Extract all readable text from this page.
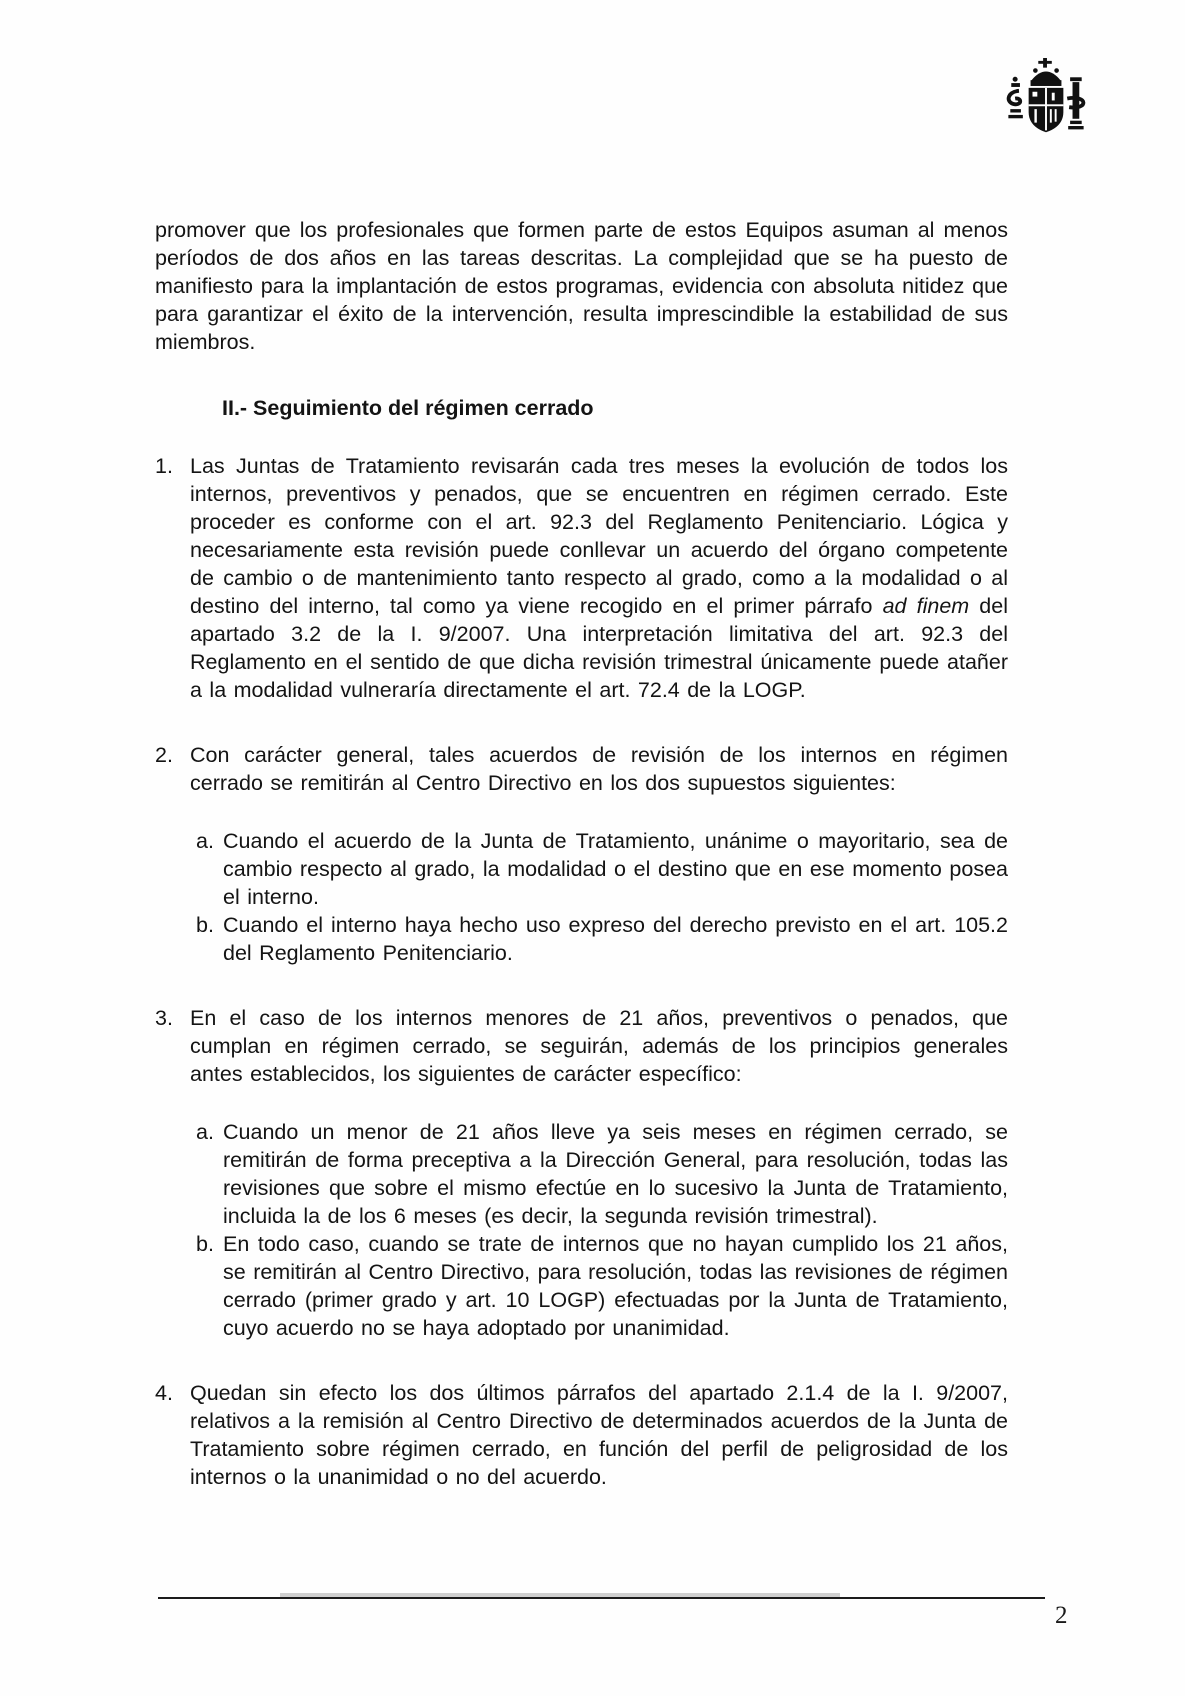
promover que los profesionales que formen parte de estos Equipos asuman al menos períodos de dos años en las tareas descritas. La complejidad que se ha puesto de manifiesto para la implantación de estos programas, evidencia con absoluta nitidez que para garantizar el éxito de la intervención, resulta imprescindible la estabilidad de sus miembros.

II.- Seguimiento del régimen cerrado
1. Las Juntas de Tratamiento revisarán cada tres meses la evolución de todos los internos, preventivos y penados, que se encuentren en régimen cerrado. Este proceder es conforme con el art. 92.3 del Reglamento Penitenciario. Lógica y necesariamente esta revisión puede conllevar un acuerdo del órgano competente de cambio o de mantenimiento tanto respecto al grado, como a la modalidad o al destino del interno, tal como ya viene recogido en el primer párrafo ad finem del apartado 3.2 de la I. 9/2007. Una interpretación limitativa del art. 92.3 del Reglamento en el sentido de que dicha revisión trimestral únicamente puede atañer a la modalidad vulneraría directamente el art. 72.4 de la LOGP.

2. Con carácter general, tales acuerdos de revisión de los internos en régimen cerrado se remitirán al Centro Directivo en los dos supuestos siguientes:

a. Cuando el acuerdo de la Junta de Tratamiento, unánime o mayoritario, sea de cambio respecto al grado, la modalidad o el destino que en ese momento posea el interno.

b. Cuando el interno haya hecho uso expreso del derecho previsto en el art. 105.2 del Reglamento Penitenciario.

3. En el caso de los internos menores de 21 años, preventivos o penados, que cumplan en régimen cerrado, se seguirán, además de los principios generales antes establecidos, los siguientes de carácter específico:

a. Cuando un menor de 21 años lleve ya seis meses en régimen cerrado, se remitirán de forma preceptiva a la Dirección General, para resolución, todas las revisiones que sobre el mismo efectúe en lo sucesivo la Junta de Tratamiento, incluida la de los 6 meses (es decir, la segunda revisión trimestral).

b. En todo caso, cuando se trate de internos que no hayan cumplido los 21 años, se remitirán al Centro Directivo, para resolución, todas las revisiones de régimen cerrado (primer grado y art. 10 LOGP) efectuadas por la Junta de Tratamiento, cuyo acuerdo no se haya adoptado por unanimidad.

4. Quedan sin efecto los dos últimos párrafos del apartado 2.1.4 de la I. 9/2007, relativos a la remisión al Centro Directivo de determinados acuerdos de la Junta de Tratamiento sobre régimen cerrado, en función del perfil de peligrosidad de los internos o la unanimidad o no del acuerdo.

2
